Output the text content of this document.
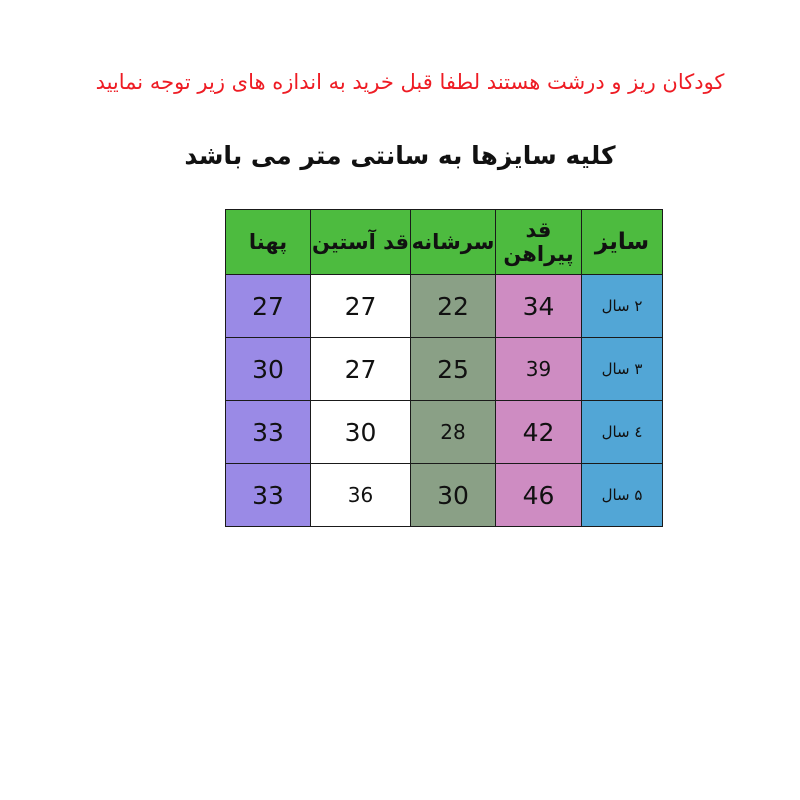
کودکان ریز و درشت هستند لطفا قبل خرید به اندازه های زیر توجه نمایید
کلیه سایزها به سانتی متر می باشد
پهنا	قد آستین	سرشانه	قد پیراهن	سایز
27	27	22	34	۲ سال
30	27	25	39	۳ سال
33	30	28	42	٤ سال
33	36	30	46	۵ سال
